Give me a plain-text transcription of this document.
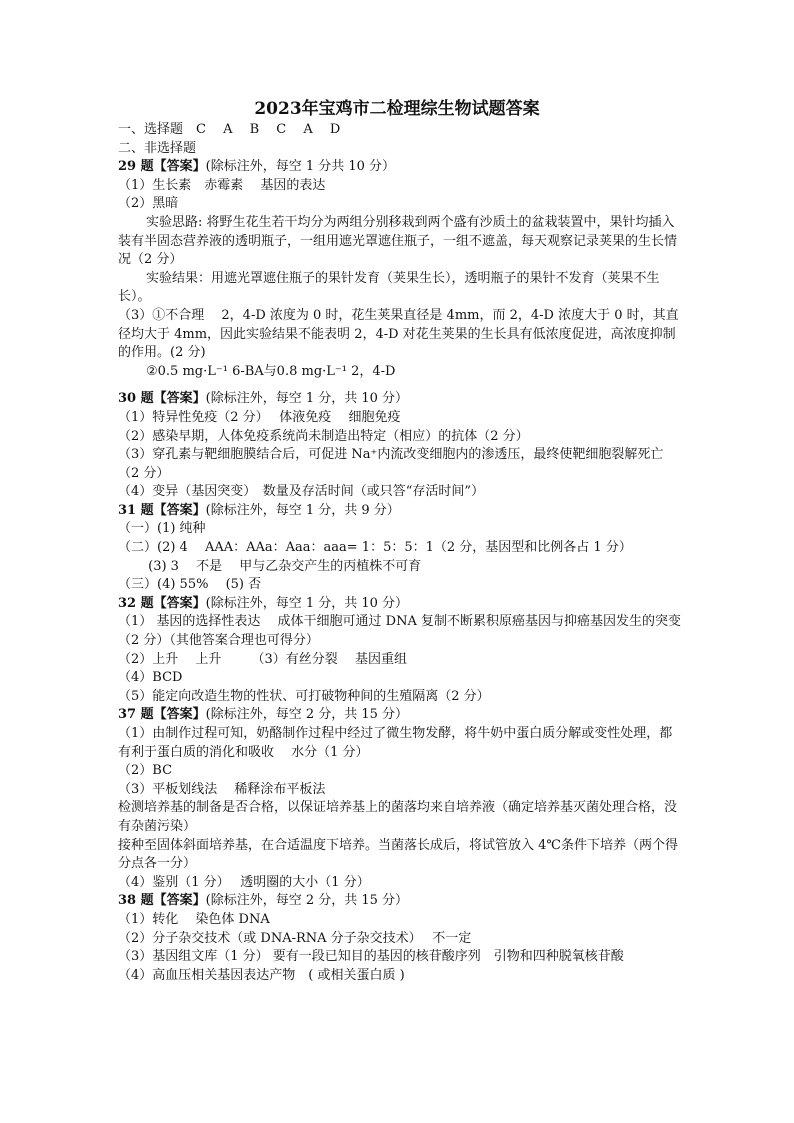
2023年宝鸡市二检理综生物试题答案

一、选择题　C　 A　 B　 C　 A　 D

二、非选择题

29 题【答案】(除标注外，每空 1 分共 10 分）

（1）生长素　赤霉素　 基因的表达

（2）黑暗

实验思路: 将野生花生若干均分为两组分别移栽到两个盛有沙质土的盆栽装置中，果针均插入装有半固态营养液的透明瓶子，一组用遮光罩遮住瓶子，一组不遮盖，每天观察记录荚果的生长情况（2 分）

实验结果：用遮光罩遮住瓶子的果针发育（荚果生长），透明瓶子的果针不发育（荚果不生长）。

（3）①不合理　 2，4-D 浓度为 0 时，花生荚果直径是 4mm，而 2，4-D 浓度大于 0 时，其直径均大于 4mm，因此实验结果不能表明 2，4-D 对花生荚果的生长具有低浓度促进，高浓度抑制的作用。(2 分)

②0.5 mg·L⁻¹ 6-BA与0.8 mg·L⁻¹ 2，4-D

30 题【答案】(除标注外，每空 1 分，共 10 分）

（1）特异性免疫（2 分）　 体液免疫　 细胞免疫

（2）感染早期，人体免疫系统尚未制造出特定（相应）的抗体（2 分）

（3）穿孔素与靶细胞膜结合后，可促进 Na⁺内流改变细胞内的渗透压，最终使靶细胞裂解死亡（2 分）

（4）变异（基因突变）　数量及存活时间（或只答“存活时间”）

31 题【答案】(除标注外，每空 1 分，共 9 分）

（一）(1) 纯种

（二）(2) 4　 AAA：AAa：Aaa：aaa= 1：5：5：1（2 分，基因型和比例各占 1 分）

　　 (3) 3　 不是　 甲与乙杂交产生的丙植株不可育

（三）(4) 55%　 (5) 否

32 题【答案】(除标注外，每空 1 分，共 10 分）

（1） 基因的选择性表达　 成体干细胞可通过 DNA 复制不断累积原癌基因与抑癌基因发生的突变（2 分）（其他答案合理也可得分）

（2）上升　 上升　　 （3）有丝分裂　 基因重组

（4）BCD

（5）能定向改造生物的性状、可打破物种间的生殖隔离（2 分）

37 题【答案】(除标注外，每空 2 分，共 15 分）

（1）由制作过程可知，奶酪制作过程中经过了微生物发酵，将牛奶中蛋白质分解或变性处理，都有利于蛋白质的消化和吸收　 水分（1 分）

（2）BC

（3）平板划线法　 稀释涂布平板法

检测培养基的制备是否合格，以保证培养基上的菌落均来自培养液（确定培养基灭菌处理合格，没有杂菌污染）

接种至固体斜面培养基，在合适温度下培养。当菌落长成后，将试管放入 4℃条件下培养（两个得分点各一分）

（4）鉴别（1 分）　 透明圈的大小（1 分）

38 题【答案】(除标注外，每空 2 分，共 15 分）

（1）转化　 染色体 DNA

（2）分子杂交技术（或 DNA-RNA 分子杂交技术）　 不一定

（3）基因组文库（1 分） 要有一段已知目的基因的核苷酸序列　引物和四种脱氧核苷酸

（4）高血压相关基因表达产物　( 或相关蛋白质 )
